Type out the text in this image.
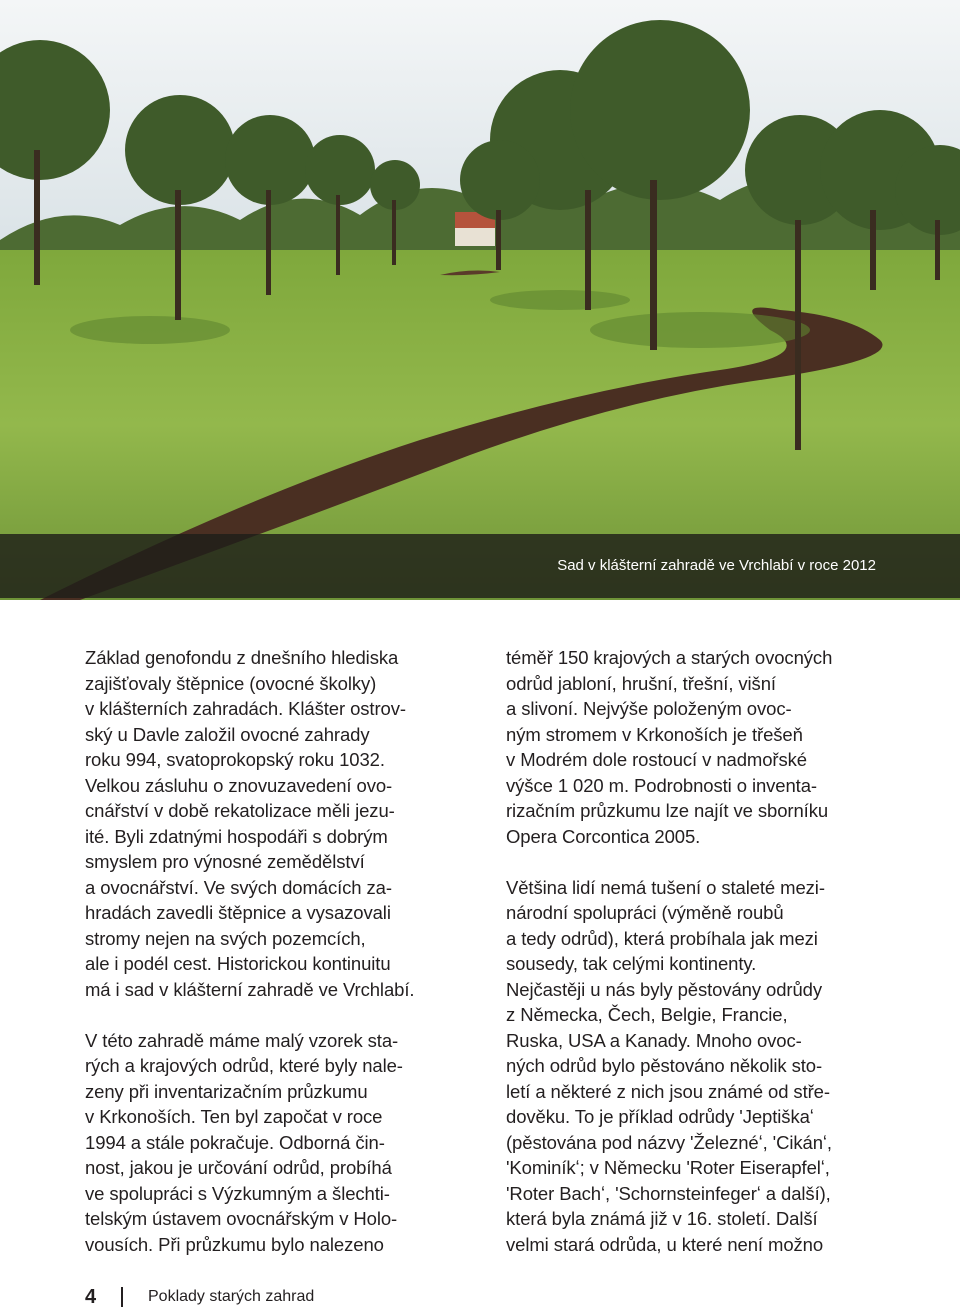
Sad v klášterní zahradě ve Vrchlabí v roce 2012
Základ genofondu z dnešního hlediska
zajišťovaly štěpnice (ovocné školky)
v klášterních zahradách. Klášter ostrov-
ský u Davle založil ovocné zahrady
roku 994, svatoprokopský roku 1032.
Velkou zásluhu o znovuzavedení ovo-
cnářství v době rekatolizace měli jezu-
ité. Byli zdatnými hospodáři s dobrým
smyslem pro výnosné zemědělství
a ovocnářství. Ve svých domácích za-
hradách zavedli štěpnice a vysazovali
stromy nejen na svých pozemcích,
ale i podél cest. Historickou kontinuitu
má i sad v klášterní zahradě ve Vrchlabí.
V této zahradě máme malý vzorek sta-
rých a krajových odrůd, které byly nale-
zeny při inventarizačním průzkumu
v Krkonoších. Ten byl započat v roce
1994 a stále pokračuje. Odborná čin-
nost, jakou je určování odrůd, probíhá
ve spolupráci s Výzkumným a šlechti-
telským ústavem ovocnářským v Holo-
vousích. Při průzkumu bylo nalezeno
téměř 150 krajových a starých ovocných
odrůd jabloní, hrušní, třešní, višní
a slivoní. Nejvýše položeným ovoc-
ným stromem v Krkonoších je třešeň
v Modrém dole rostoucí v nadmořské
výšce 1 020 m. Podrobnosti o inventa-
rizačním průzkumu lze najít ve sborníku
Opera Corcontica 2005.
Většina lidí nemá tušení o staleté mezi-
národní spolupráci (výměně roubů
a tedy odrůd), která probíhala jak mezi
sousedy, tak celými kontinenty.
Nejčastěji u nás byly pěstovány odrůdy
z Německa, Čech, Belgie, Francie,
Ruska, USA a Kanady. Mnoho ovoc-
ných odrůd bylo pěstováno několik sto-
letí a některé z nich jsou známé od stře-
dověku. To je příklad odrůdy ʹJeptiškaʻ
(pěstována pod názvy ʹŽeleznéʻ, ʹCikánʻ,
ʹKominíkʻ; v Německu ʹRoter Eiserapfelʻ,
ʹRoter Bachʻ, ʹSchornsteinfegerʻ a další),
která byla známá již v 16. století. Další
velmi stará odrůda, u které není možno
4	Poklady starých zahrad
